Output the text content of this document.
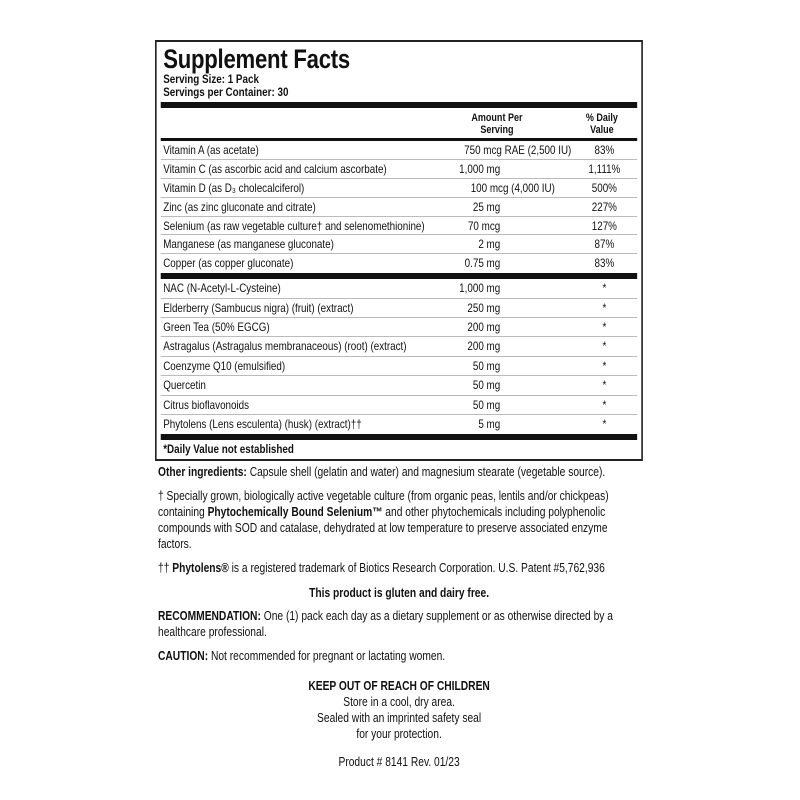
Supplement Facts
Serving Size: 1 Pack
Servings per Container: 30
Amount Per
Serving
% Daily
Value
Vitamin A (as acetate)	750 mcg RAE (2,500 IU)	83%
Vitamin C (as ascorbic acid and calcium ascorbate)	1,000 mg	1,111%
Vitamin D (as D₃ cholecalciferol)	100 mcg (4,000 IU)	500%
Zinc (as zinc gluconate and citrate)	25 mg	227%
Selenium (as raw vegetable culture† and selenomethionine)	70 mcg	127%
Manganese (as manganese gluconate)	2 mg	87%
Copper (as copper gluconate)	0.75 mg	83%
NAC (N-Acetyl-L-Cysteine)	1,000 mg	*
Elderberry (Sambucus nigra) (fruit) (extract)	250 mg	*
Green Tea (50% EGCG)	200 mg	*
Astragalus (Astragalus membranaceous) (root) (extract)	200 mg	*
Coenzyme Q10 (emulsified)	50 mg	*
Quercetin	50 mg	*
Citrus bioflavonoids	50 mg	*
Phytolens (Lens esculenta) (husk) (extract)††	5 mg	*
*Daily Value not established

Other ingredients: Capsule shell (gelatin and water) and magnesium stearate (vegetable source).

† Specially grown, biologically active vegetable culture (from organic peas, lentils and/or chickpeas) containing Phytochemically Bound Selenium™ and other phytochemicals including polyphenolic compounds with SOD and catalase, dehydrated at low temperature to preserve associated enzyme factors.

†† Phytolens® is a registered trademark of Biotics Research Corporation. U.S. Patent #5,762,936

This product is gluten and dairy free.

RECOMMENDATION: One (1) pack each day as a dietary supplement or as otherwise directed by a healthcare professional.

CAUTION: Not recommended for pregnant or lactating women.

KEEP OUT OF REACH OF CHILDREN
Store in a cool, dry area.
Sealed with an imprinted safety seal
for your protection.

Product # 8141 Rev. 01/23
